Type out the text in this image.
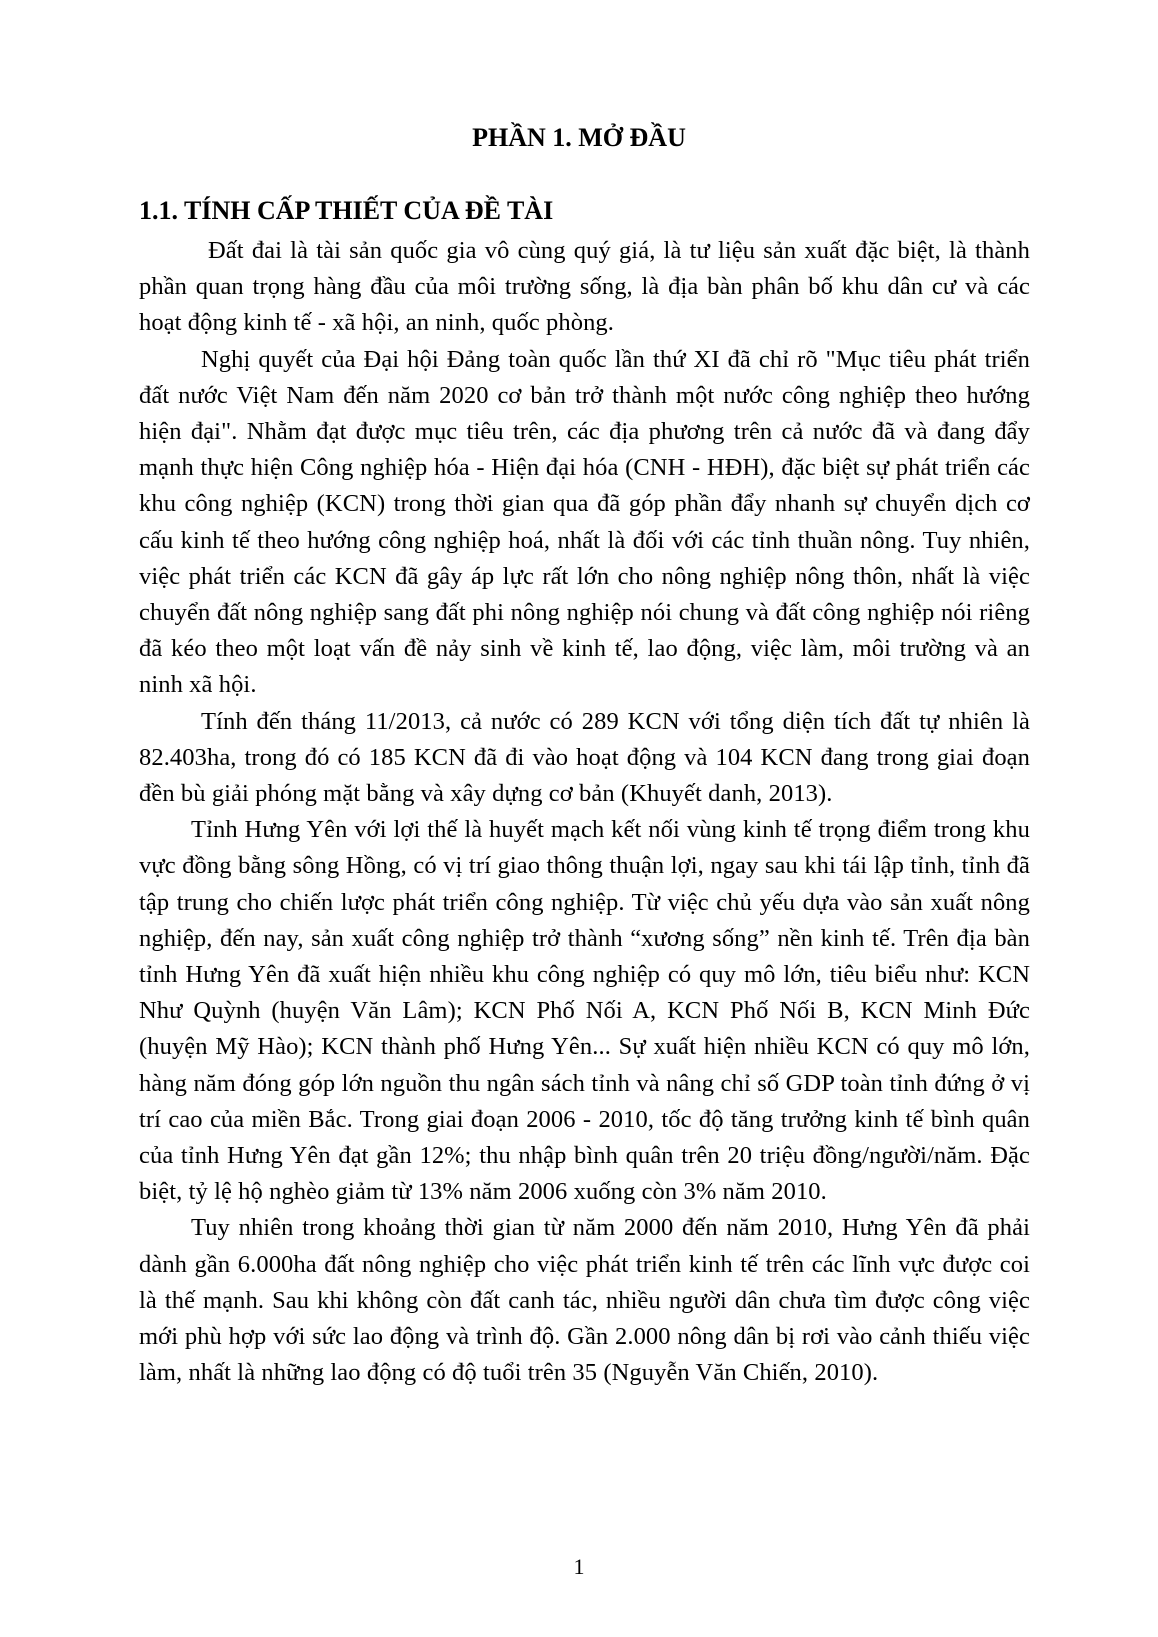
PHẦN 1. MỞ ĐẦU
1.1. TÍNH CẤP THIẾT CỦA ĐỀ TÀI

Đất đai là tài sản quốc gia vô cùng quý giá, là tư liệu sản xuất đặc biệt, là thành phần quan trọng hàng đầu của môi trường sống, là địa bàn phân bố khu dân cư và các hoạt động kinh tế - xã hội, an ninh, quốc phòng.

Nghị quyết của Đại hội Đảng toàn quốc lần thứ XI đã chỉ rõ "Mục tiêu phát triển đất nước Việt Nam đến năm 2020 cơ bản trở thành một nước công nghiệp theo hướng hiện đại". Nhằm đạt được mục tiêu trên, các địa phương trên cả nước đã và đang đẩy mạnh thực hiện Công nghiệp hóa - Hiện đại hóa (CNH - HĐH), đặc biệt sự phát triển các khu công nghiệp (KCN) trong thời gian qua đã góp phần đẩy nhanh sự chuyển dịch cơ cấu kinh tế theo hướng công nghiệp hoá, nhất là đối với các tỉnh thuần nông. Tuy nhiên, việc phát triển các KCN đã gây áp lực rất lớn cho nông nghiệp nông thôn, nhất là việc chuyển đất nông nghiệp sang đất phi nông nghiệp nói chung và đất công nghiệp nói riêng đã kéo theo một loạt vấn đề nảy sinh về kinh tế, lao động, việc làm, môi trường và an ninh xã hội.

Tính đến tháng 11/2013, cả nước có 289 KCN với tổng diện tích đất tự nhiên là 82.403ha, trong đó có 185 KCN đã đi vào hoạt động và 104 KCN đang trong giai đoạn đền bù giải phóng mặt bằng và xây dựng cơ bản (Khuyết danh, 2013).

Tỉnh Hưng Yên với lợi thế là huyết mạch kết nối vùng kinh tế trọng điểm trong khu vực đồng bằng sông Hồng, có vị trí giao thông thuận lợi, ngay sau khi tái lập tỉnh, tỉnh đã tập trung cho chiến lược phát triển công nghiệp. Từ việc chủ yếu dựa vào sản xuất nông nghiệp, đến nay, sản xuất công nghiệp trở thành “xương sống” nền kinh tế. Trên địa bàn tỉnh Hưng Yên đã xuất hiện nhiều khu công nghiệp có quy mô lớn, tiêu biểu như: KCN Như Quỳnh (huyện Văn Lâm); KCN Phố Nối A, KCN Phố Nối B, KCN Minh Đức (huyện Mỹ Hào); KCN thành phố Hưng Yên... Sự xuất hiện nhiều KCN có quy mô lớn, hàng năm đóng góp lớn nguồn thu ngân sách tỉnh và nâng chỉ số GDP toàn tỉnh đứng ở vị trí cao của miền Bắc. Trong giai đoạn 2006 - 2010, tốc độ tăng trưởng kinh tế bình quân của tỉnh Hưng Yên đạt gần 12%; thu nhập bình quân trên 20 triệu đồng/người/năm. Đặc biệt, tỷ lệ hộ nghèo giảm từ 13% năm 2006 xuống còn 3% năm 2010.

Tuy nhiên trong khoảng thời gian từ năm 2000 đến năm 2010, Hưng Yên đã phải dành gần 6.000ha đất nông nghiệp cho việc phát triển kinh tế trên các lĩnh vực được coi là thế mạnh. Sau khi không còn đất canh tác, nhiều người dân chưa tìm được công việc mới phù hợp với sức lao động và trình độ. Gần 2.000 nông dân bị rơi vào cảnh thiếu việc làm, nhất là những lao động có độ tuổi trên 35 (Nguyễn Văn Chiến, 2010).

1
